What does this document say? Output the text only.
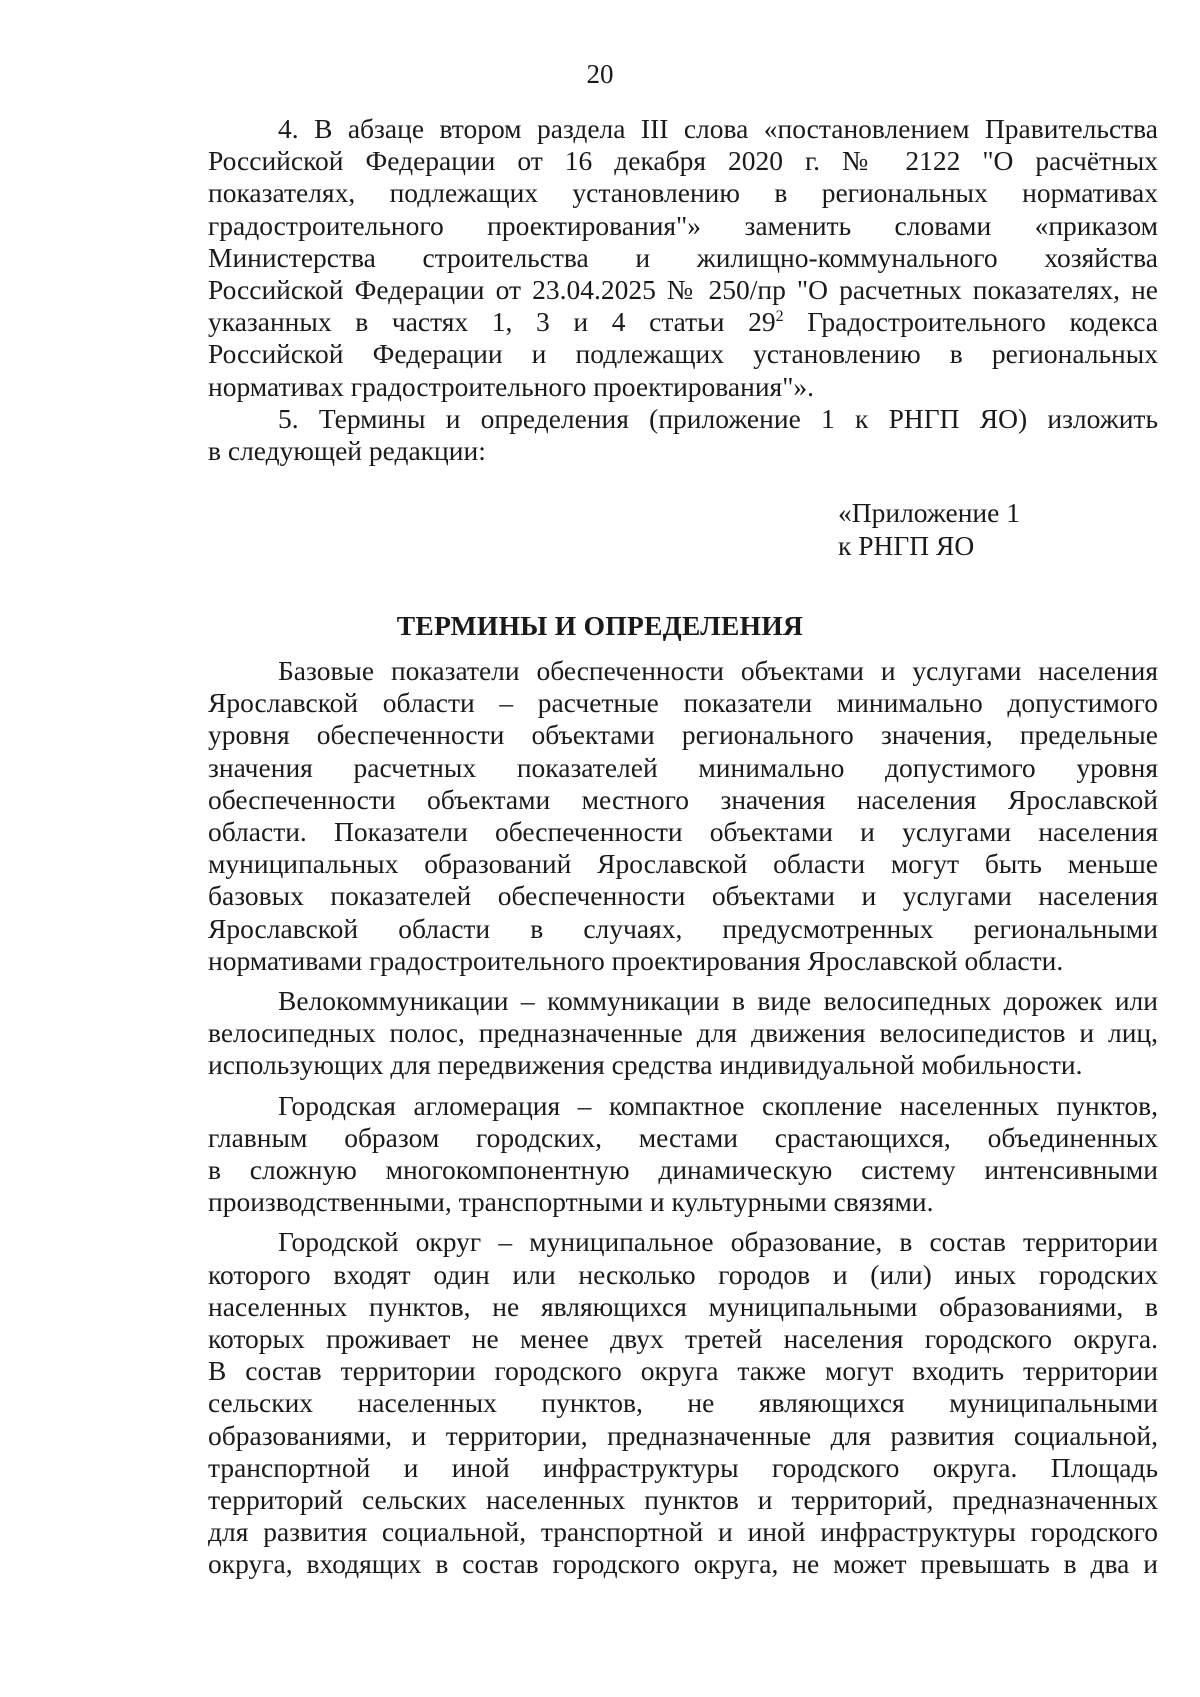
20

4. В абзаце втором раздела III слова «постановлением Правительства
Российской Федерации от 16 декабря 2020 г. № 2122 "О расчётных
показателях, подлежащих установлению в региональных нормативах
градостроительного проектирования"» заменить словами «приказом
Министерства строительства и жилищно-коммунального хозяйства
Российской Федерации от 23.04.2025 № 250/пр "О расчетных показателях, не
указанных в частях 1, 3 и 4 статьи $29^2$ Градостроительного кодекса
Российской Федерации и подлежащих установлению в региональных
нормативах градостроительного проектирования"».

5. Термины и определения (приложение 1 к РНГП ЯО) изложить
в следующей редакции:

«Приложение 1
к РНГП ЯО
ТЕРМИНЫ И ОПРЕДЕЛЕНИЯ

Базовые показатели обеспеченности объектами и услугами населения
Ярославской области – расчетные показатели минимально допустимого
уровня обеспеченности объектами регионального значения, предельные
значения расчетных показателей минимально допустимого уровня
обеспеченности объектами местного значения населения Ярославской
области. Показатели обеспеченности объектами и услугами населения
муниципальных образований Ярославской области могут быть меньше
базовых показателей обеспеченности объектами и услугами населения
Ярославской области в случаях, предусмотренных региональными
нормативами градостроительного проектирования Ярославской области.

Велокоммуникации – коммуникации в виде велосипедных дорожек или
велосипедных полос, предназначенные для движения велосипедистов и лиц,
использующих для передвижения средства индивидуальной мобильности.

Городская агломерация – компактное скопление населенных пунктов,
главным образом городских, местами срастающихся, объединенных
в сложную многокомпонентную динамическую систему интенсивными
производственными, транспортными и культурными связями.

Городской округ – муниципальное образование, в состав территории
которого входят один или несколько городов и (или) иных городских
населенных пунктов, не являющихся муниципальными образованиями, в
которых проживает не менее двух третей населения городского округа.
В состав территории городского округа также могут входить территории
сельских населенных пунктов, не являющихся муниципальными
образованиями, и территории, предназначенные для развития социальной,
транспортной и иной инфраструктуры городского округа. Площадь
территорий сельских населенных пунктов и территорий, предназначенных
для развития социальной, транспортной и иной инфраструктуры городского
округа, входящих в состав городского округа, не может превышать в два и
